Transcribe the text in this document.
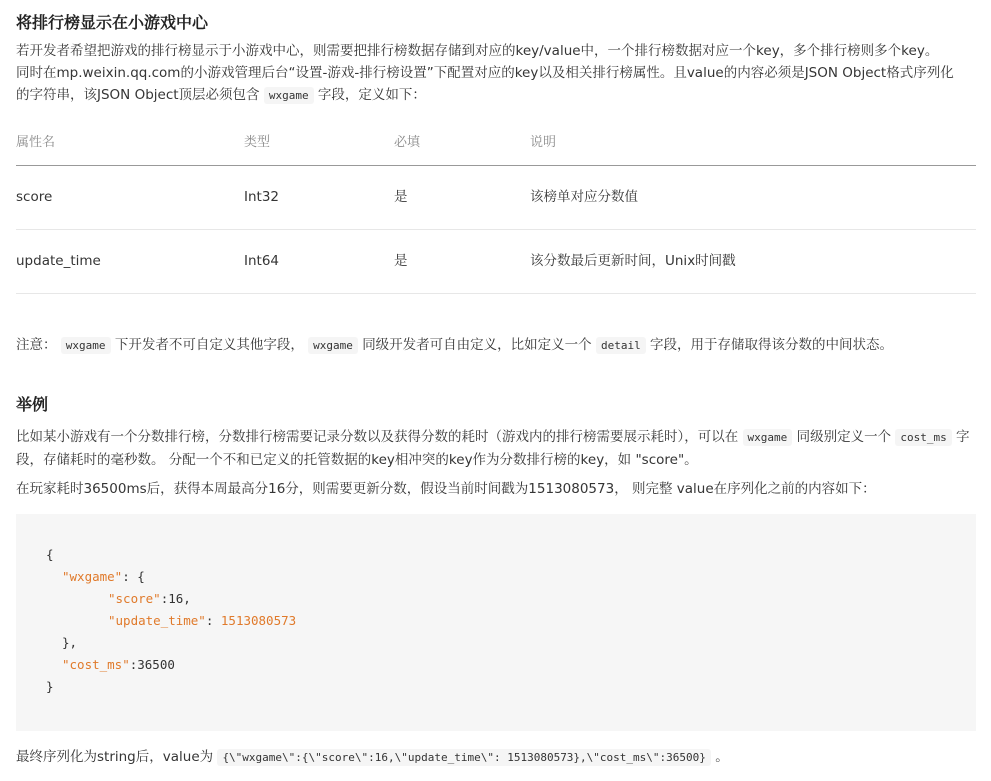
将排行榜显示在小游戏中心

若开发者希望把游戏的排行榜显示于小游戏中心，则需要把排行榜数据存储到对应的key/value中，一个排行榜数据对应一个key，多个排行榜则多个key。
同时在mp.weixin.qq.com的小游戏管理后台“设置-游戏-排行榜设置”下配置对应的key以及相关排行榜属性。且value的内容必须是JSON Object格式序列化
的字符串，该JSON Object顶层必须包含 wxgame 字段，定义如下：

属性名	类型	必填	说明
score	Int32	是	该榜单对应分数值
update_time	Int64	是	该分数最后更新时间，Unix时间戳

注意： wxgame 下开发者不可自定义其他字段， wxgame 同级开发者可自由定义，比如定义一个 detail 字段，用于存储取得该分数的中间状态。

举例

比如某小游戏有一个分数排行榜，分数排行榜需要记录分数以及获得分数的耗时（游戏内的排行榜需要展示耗时），可以在 wxgame 同级别定义一个 cost_ms 字段，存储耗时的毫秒数。 分配一个不和已定义的托管数据的key相冲突的key作为分数排行榜的key，如 "score"。

在玩家耗时36500ms后，获得本周最高分16分，则需要更新分数，假设当前时间戳为1513080573， 则完整 value在序列化之前的内容如下：

{
"wxgame": {
"score":16,
"update_time": 1513080573
},
"cost_ms":36500
}

最终序列化为string后，value为 {\"wxgame\":{\"score\":16,\"update_time\": 1513080573},\"cost_ms\":36500} 。
